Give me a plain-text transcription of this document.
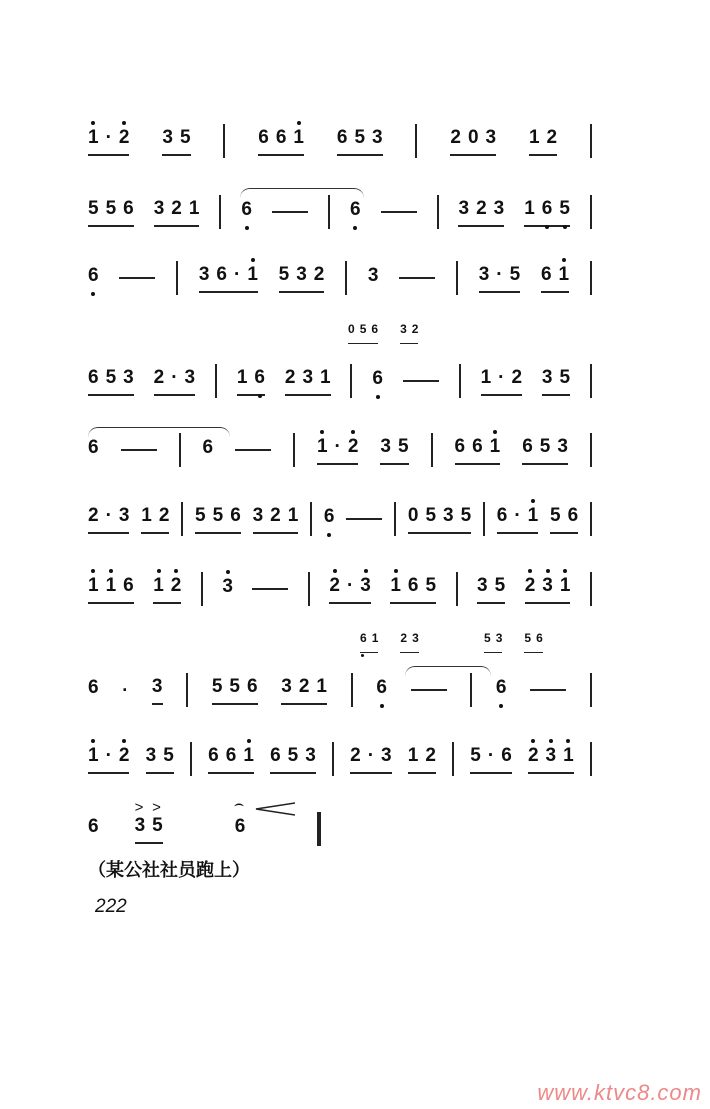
1 · 2 3 5	6 6 1 6 5 3	2 0 3 1 2
5 5 6 3 2 1 6	6	3 2 3 1 6 5
6	3 6 · 1 5 3 2 3	3 · 5 6 1
6 5 3 2 · 3 1 6 2 3 1 6	1 · 2 3 5
6	6	1 · 2 3 5 6 6 1 6 5 3
2 · 3 1 2 5 5 6 3 2 1 6	0 5 3 5 6 · 1 5 6
1 1 6 1 2 3	2 · 3 1 6 5 3 5 2 3 1
6 · 3	5 5 6 3 2 1	6	6
1 · 2 3 5 6 6 1 6 5 3 2 · 3 1 2 5 · 6 2 3 1
6 > 3 > 5	⌢ 6
0 5 6 3 2
6 1 2 3	5 3 5 6
（某公社社员跑上）
222
www.ktvc8.com
